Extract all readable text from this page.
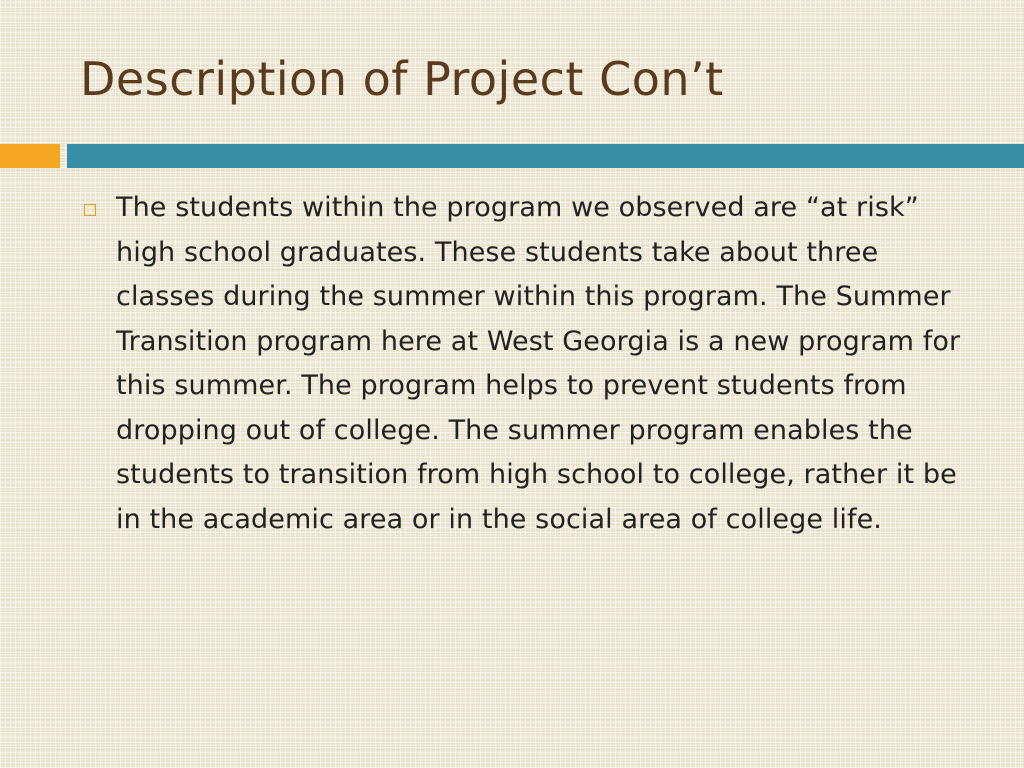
Description of Project Con’t

The students within the program we observed are “at risk” high school graduates. These students take about three classes during the summer within this program. The Summer Transition program here at West Georgia is a new program for this summer. The program helps to prevent students from dropping out of college. The summer program enables the students to transition from high school to college, rather it be in the academic area or in the social area of college life.
